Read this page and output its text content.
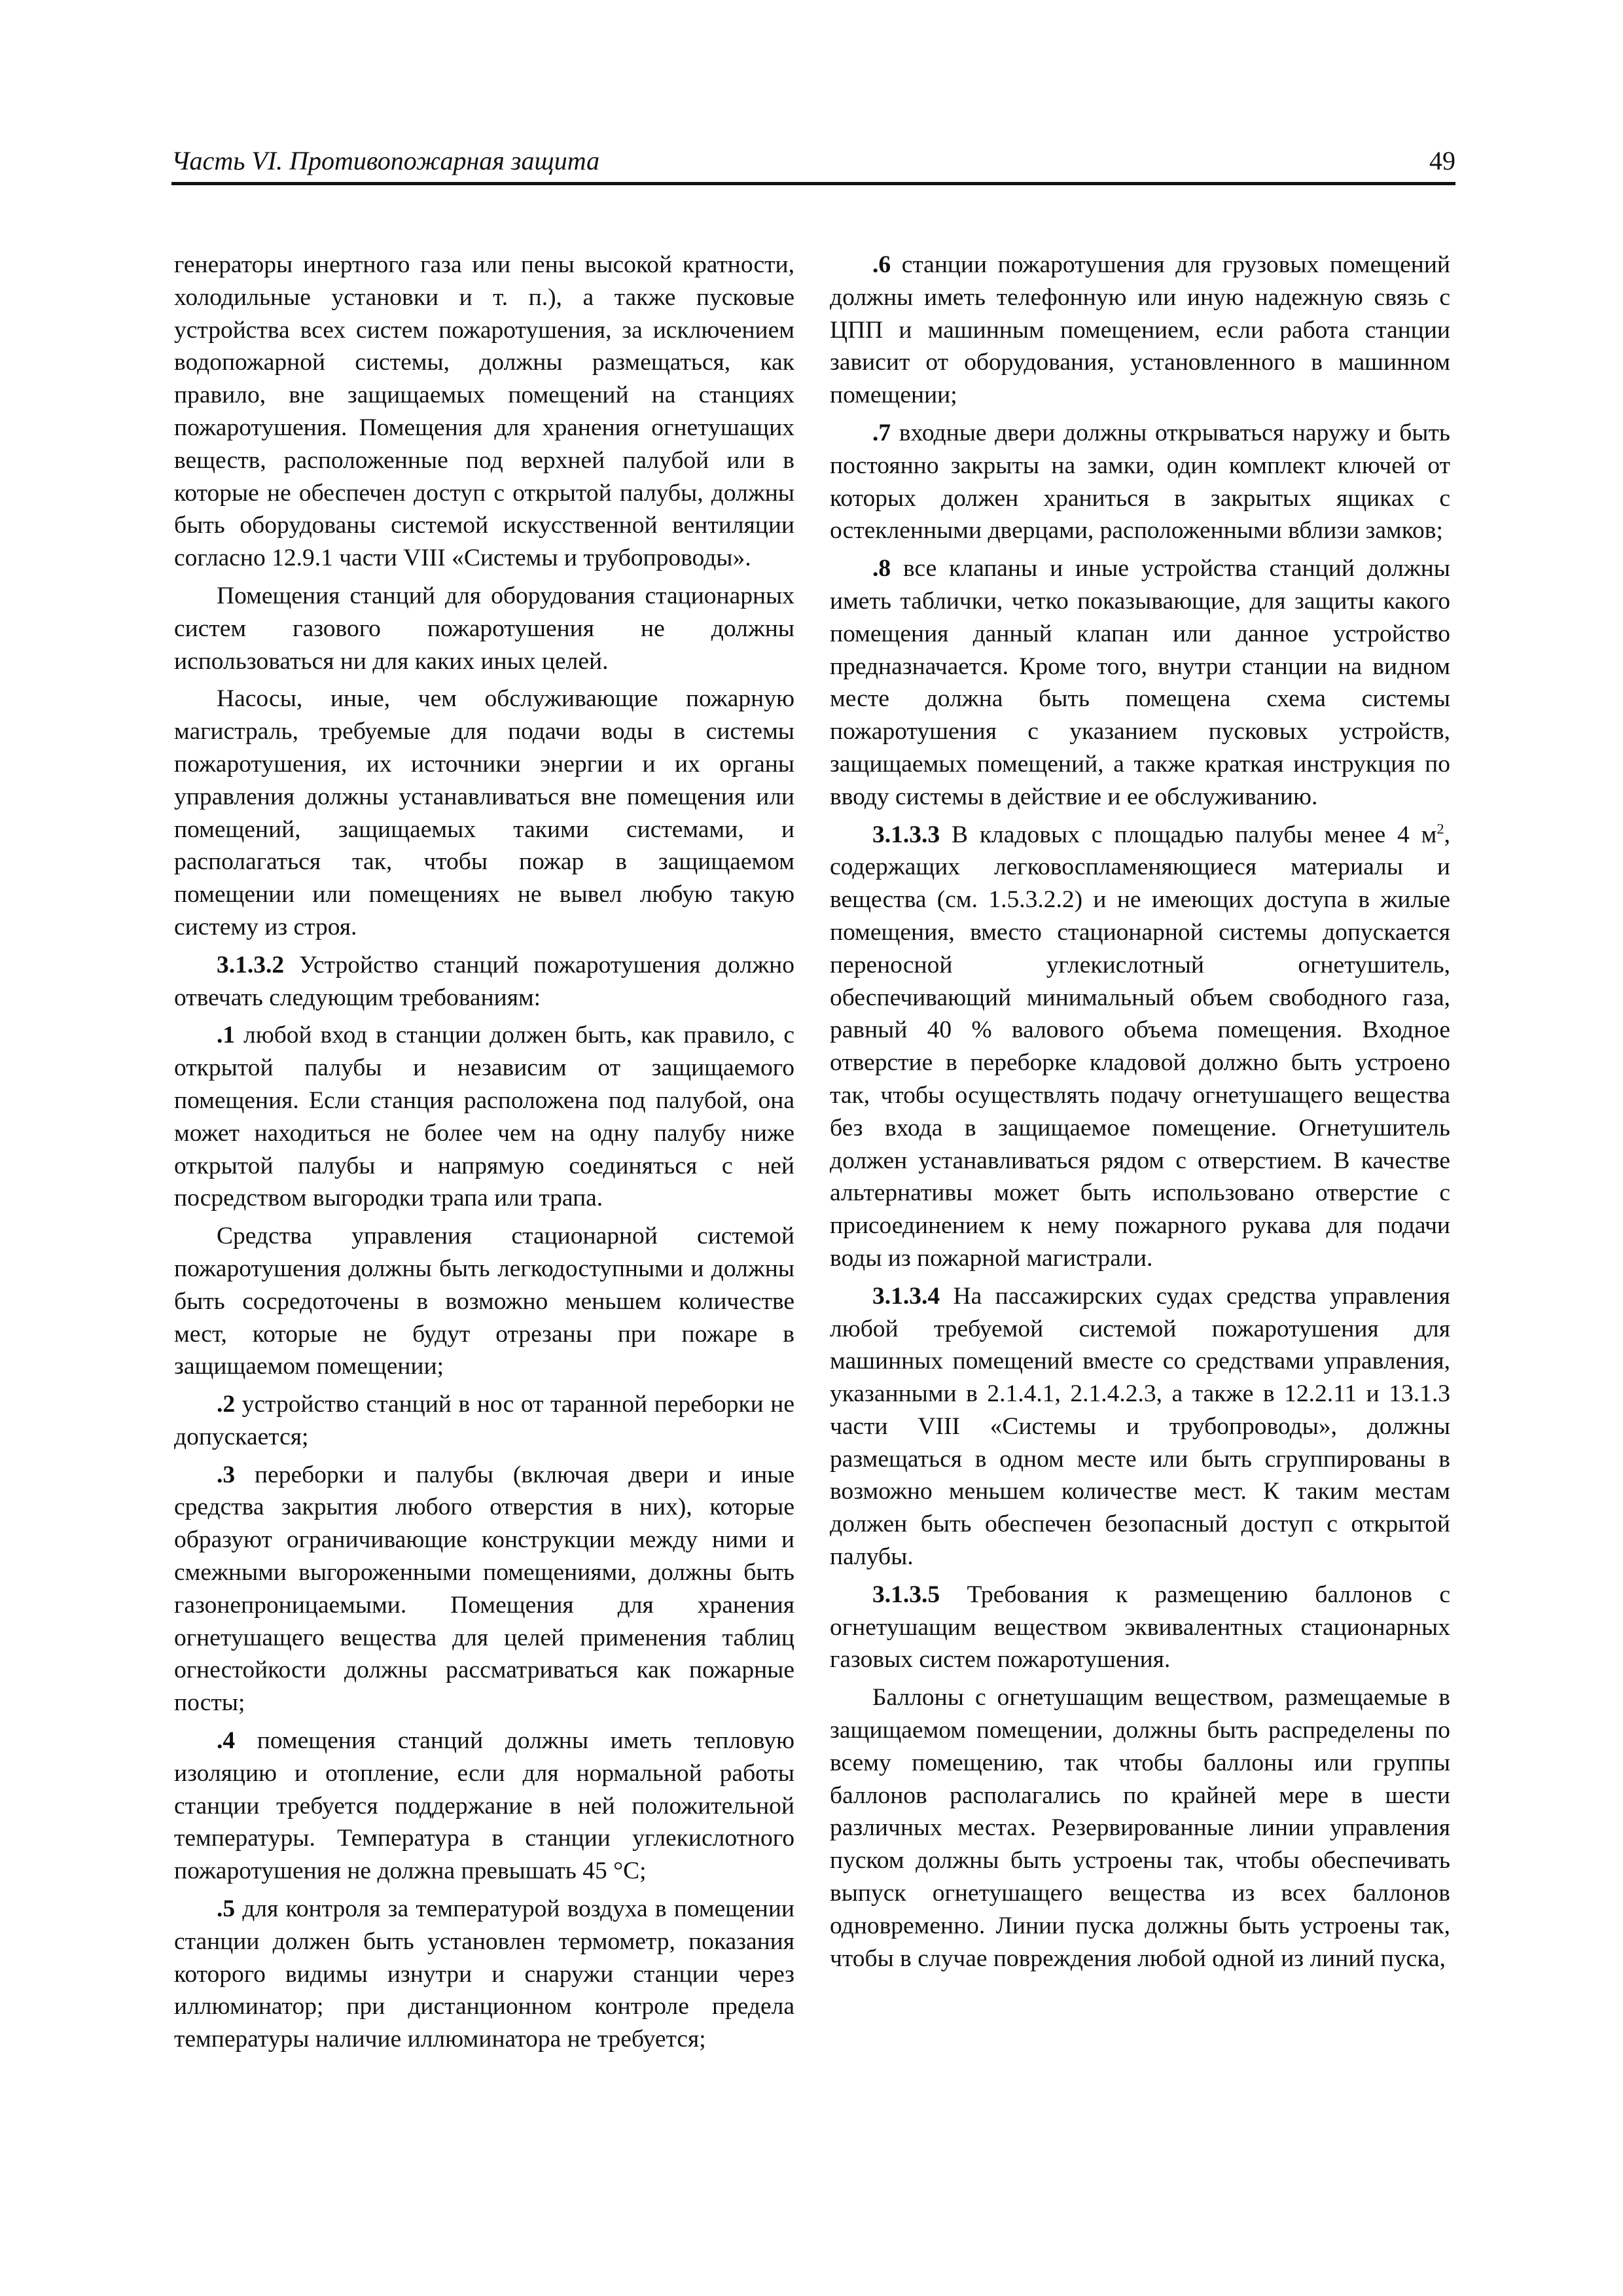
Часть VI. Противопожарная защита	49

генераторы инертного газа или пены высокой кратности, холодильные установки и т. п.), а также пусковые устройства всех систем пожаротушения, за исключением водопожарной системы, должны размещаться, как правило, вне защищаемых помещений на станциях пожаротушения. Помещения для хранения огнетушащих веществ, расположенные под верхней палубой или в которые не обеспечен доступ с открытой палубы, должны быть оборудованы системой искусственной вентиляции согласно 12.9.1 части VIII «Системы и трубопроводы».

Помещения станций для оборудования стационарных систем газового пожаротушения не должны использоваться ни для каких иных целей.

Насосы, иные, чем обслуживающие пожарную магистраль, требуемые для подачи воды в системы пожаротушения, их источники энергии и их органы управления должны устанавливаться вне помещения или помещений, защищаемых такими системами, и располагаться так, чтобы пожар в защищаемом помещении или помещениях не вывел любую такую систему из строя.

3.1.3.2 Устройство станций пожаротушения должно отвечать следующим требованиям:

.1 любой вход в станции должен быть, как правило, с открытой палубы и независим от защищаемого помещения. Если станция расположена под палубой, она может находиться не более чем на одну палубу ниже открытой палубы и напрямую соединяться с ней посредством выгородки трапа или трапа.

Средства управления стационарной системой пожаротушения должны быть легкодоступными и должны быть сосредоточены в возможно меньшем количестве мест, которые не будут отрезаны при пожаре в защищаемом помещении;

.2 устройство станций в нос от таранной переборки не допускается;

.3 переборки и палубы (включая двери и иные средства закрытия любого отверстия в них), которые образуют ограничивающие конструкции между ними и смежными выгороженными помещениями, должны быть газонепроницаемыми. Помещения для хранения огнетушащего вещества для целей применения таблиц огнестойкости должны рассматриваться как пожарные посты;

.4 помещения станций должны иметь тепловую изоляцию и отопление, если для нормальной работы станции требуется поддержание в ней положительной температуры. Температура в станции углекислотного пожаротушения не должна превышать 45 °С;

.5 для контроля за температурой воздуха в помещении станции должен быть установлен термометр, показания которого видимы изнутри и снаружи станции через иллюминатор; при дистанционном контроле предела температуры наличие иллюминатора не требуется;

.6 станции пожаротушения для грузовых помещений должны иметь телефонную или иную надежную связь с ЦПП и машинным помещением, если работа станции зависит от оборудования, установленного в машинном помещении;

.7 входные двери должны открываться наружу и быть постоянно закрыты на замки, один комплект ключей от которых должен храниться в закрытых ящиках с остекленными дверцами, расположенными вблизи замков;

.8 все клапаны и иные устройства станций должны иметь таблички, четко показывающие, для защиты какого помещения данный клапан или данное устройство предназначается. Кроме того, внутри станции на видном месте должна быть помещена схема системы пожаротушения с указанием пусковых устройств, защищаемых помещений, а также краткая инструкция по вводу системы в действие и ее обслуживанию.

3.1.3.3 В кладовых с площадью палубы менее 4 $м^2$, содержащих легковоспламеняющиеся материалы и вещества (см. 1.5.3.2.2) и не имеющих доступа в жилые помещения, вместо стационарной системы допускается переносной углекислотный огнетушитель, обеспечивающий минимальный объем свободного газа, равный 40 % валового объема помещения. Входное отверстие в переборке кладовой должно быть устроено так, чтобы осуществлять подачу огнетушащего вещества без входа в защищаемое помещение. Огнетушитель должен устанавливаться рядом с отверстием. В качестве альтернативы может быть использовано отверстие с присоединением к нему пожарного рукава для подачи воды из пожарной магистрали.

3.1.3.4 На пассажирских судах средства управления любой требуемой системой пожаротушения для машинных помещений вместе со средствами управления, указанными в 2.1.4.1, 2.1.4.2.3, а также в 12.2.11 и 13.1.3 части VIII «Системы и трубопроводы», должны размещаться в одном месте или быть сгруппированы в возможно меньшем количестве мест. К таким местам должен быть обеспечен безопасный доступ с открытой палубы.

3.1.3.5 Требования к размещению баллонов с огнетушащим веществом эквивалентных стационарных газовых систем пожаротушения.

Баллоны с огнетушащим веществом, размещаемые в защищаемом помещении, должны быть распределены по всему помещению, так чтобы баллоны или группы баллонов располагались по крайней мере в шести различных местах. Резервированные линии управления пуском должны быть устроены так, чтобы обеспечивать выпуск огнетушащего вещества из всех баллонов одновременно. Линии пуска должны быть устроены так, чтобы в случае повреждения любой одной из линий пуска,
